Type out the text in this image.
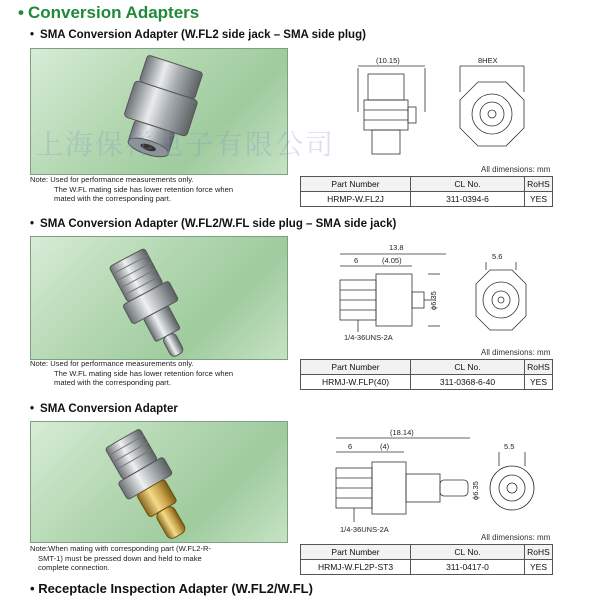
• Conversion Adapters
• SMA Conversion Adapter (W.FL2 side jack – SMA side plug)
上海保祥电子有限公司
Note: Used for performance measurements only.
The W.FL mating side has lower retention force when
mated with the corresponding part.
(10.15)	8HEX
All dimensions: mm
Part Number	CL No.	RoHS
HRMP-W.FL2J	311-0394-6	YES
• SMA Conversion Adapter (W.FL2/W.FL side plug – SMA side jack)
Note: Used for performance measurements only.
The W.FL mating side has lower retention force when
mated with the corresponding part.
13.8
6	(4.05)	5.6
ϕ6.35
1/4-36UNS-2A
All dimensions: mm
Part Number	CL No.	RoHS
HRMJ-W.FLP(40)	311-0368-6-40	YES
• SMA Conversion Adapter
Note:When mating with corresponding part (W.FL2-R-
SMT-1) must be pressed down and held to make
complete connection.
(18.14)
6	(4)	5.5
ϕ6.35
1/4-36UNS-2A
All dimensions: mm
Part Number	CL No.	RoHS
HRMJ-W.FL2P-ST3	311-0417-0	YES
• Receptacle Inspection Adapter (W.FL2/W.FL)
